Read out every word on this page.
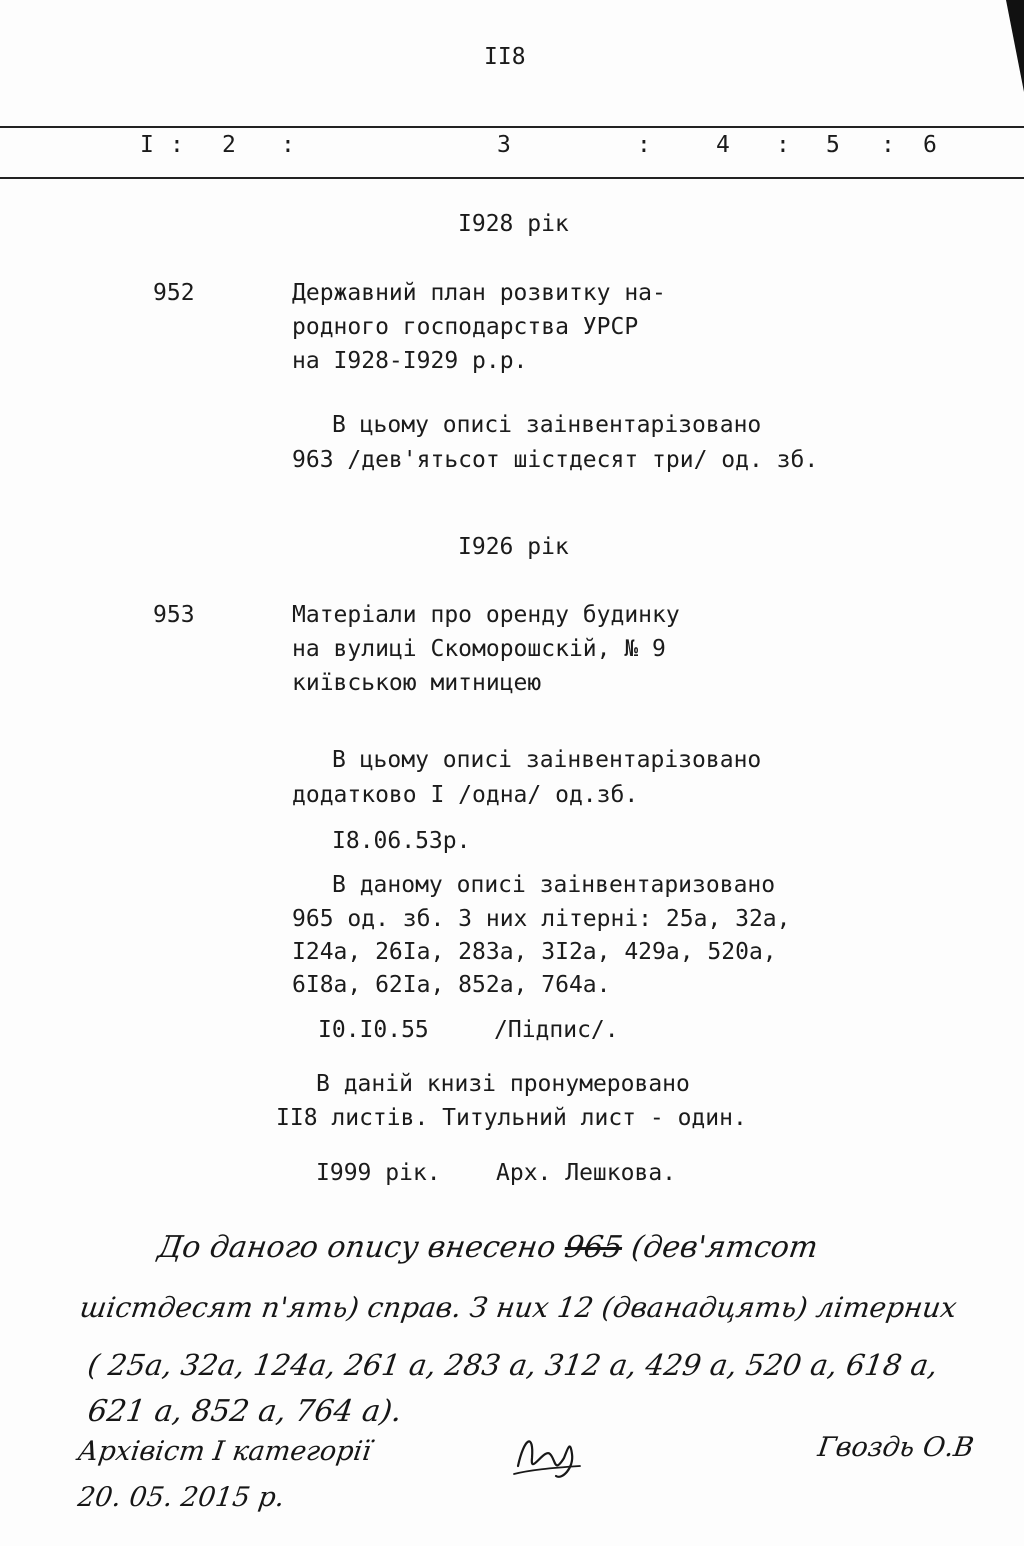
II8
I : 2 :	3	:	4 : 5 : 6
I928 рік
952	Державний план розвитку на-
родного господарства УРСР
на I928-I929 р.р.
В цьому описі заінвентарізовано
963 /дев'ятьсот шістдесят три/ од. зб.
I926 рік
953	Матеріали про оренду будинку
на вулиці Скоморошскій, № 9
київською митницею
В цьому описі заінвентарізовано
додатково I /одна/ од.зб.
I8.06.53р.
В даному описі заінвентаризовано
965 од. зб. З них літерні: 25а, 32а,
I24а, 26Iа, 283а, 3I2а, 429а, 520а,
6I8а, 62Iа, 852а, 764а.
I0.I0.55	/Підпис/.
В даній книзі пронумеровано
II8 листів. Титульний лист - один.
I999 рік. Арх. Лешкова.
До даного опису внесено 965 (дев'ятсот
шістдесят п'ять) справ. З них 12 (дванадцять) літерних
( 25а, 32а, 124а, 261 а, 283 а, 312 а, 429 а, 520 а, 618 а,
621 а, 852 а, 764 а).
Архівіст I категорії	Гвоздь О.В
20. 05. 2015 р.
